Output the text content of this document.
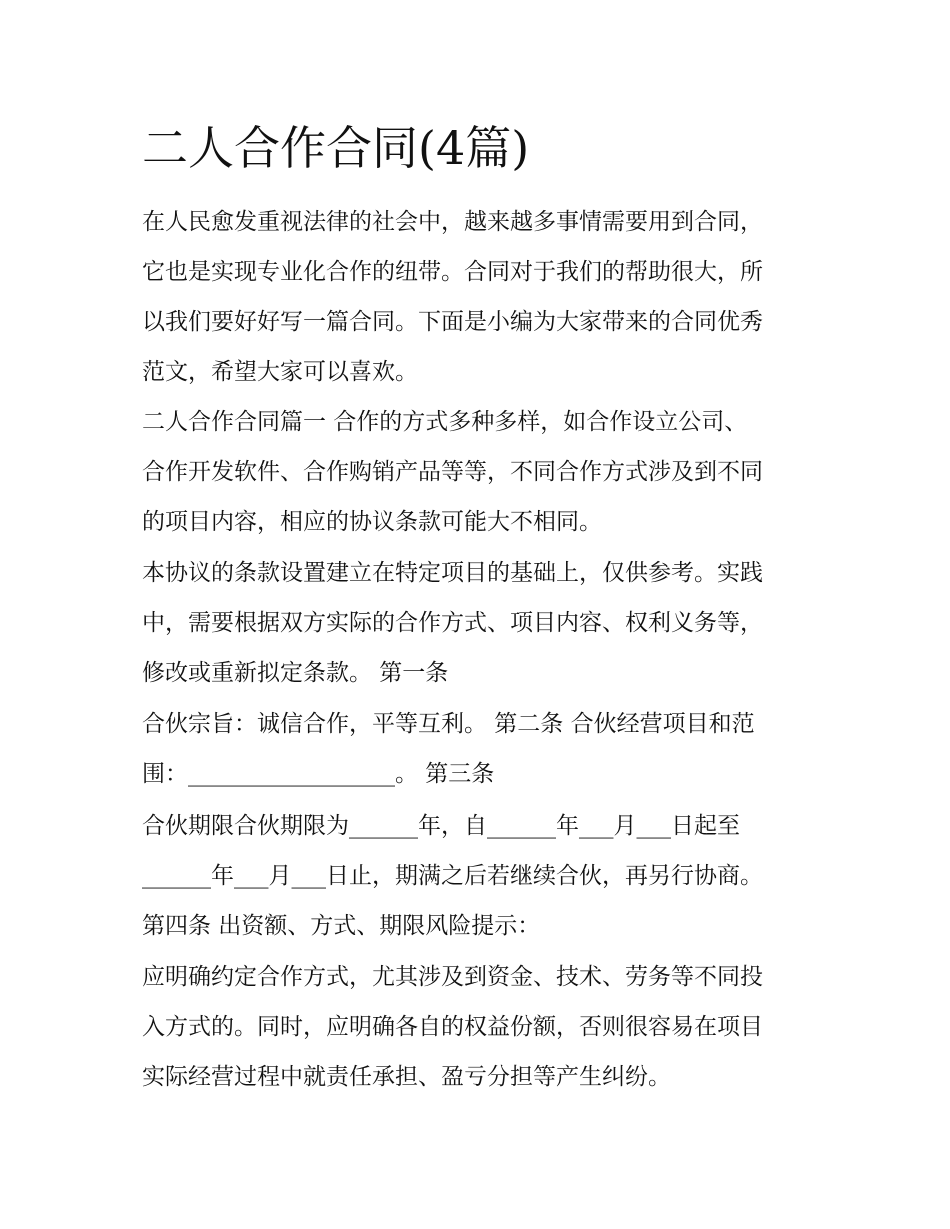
二人合作合同(4篇)

在人民愈发重视法律的社会中，越来越多事情需要用到合同，

它也是实现专业化合作的纽带。合同对于我们的帮助很大，所

以我们要好好写一篇合同。下面是小编为大家带来的合同优秀

范文，希望大家可以喜欢。

二人合作合同篇一 合作的方式多种多样，如合作设立公司、

合作开发软件、合作购销产品等等，不同合作方式涉及到不同

的项目内容，相应的协议条款可能大不相同。

本协议的条款设置建立在特定项目的基础上，仅供参考。实践

中，需要根据双方实际的合作方式、项目内容、权利义务等，

修改或重新拟定条款。 第一条

合伙宗旨：诚信合作，平等互利。 第二条 合伙经营项目和范

围：__________________。 第三条

合伙期限合伙期限为______年，自______年___月___日起至

______年___月___日止，期满之后若继续合伙，再另行协商。

第四条 出资额、方式、期限风险提示：

应明确约定合作方式，尤其涉及到资金、技术、劳务等不同投

入方式的。同时，应明确各自的权益份额，否则很容易在项目

实际经营过程中就责任承担、盈亏分担等产生纠纷。
